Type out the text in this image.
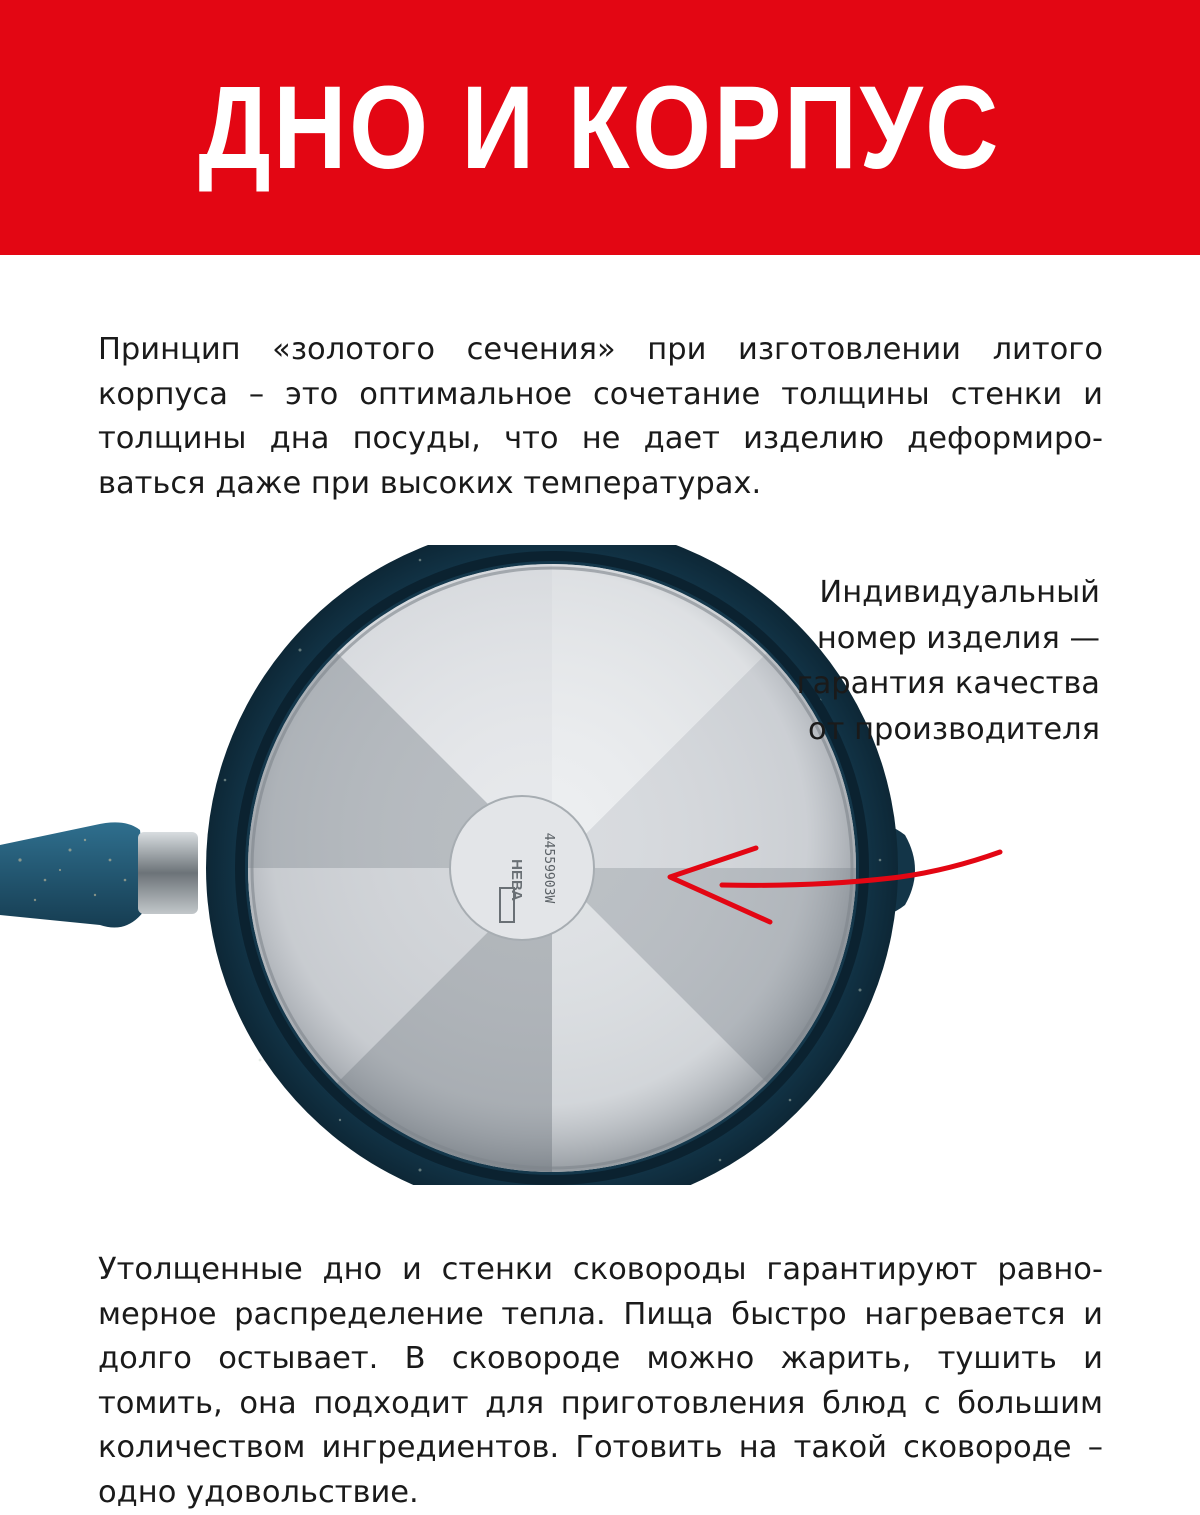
ДНО И КОРПУС

Принцип «золотого сечения» при изготовлении литого корпуса – это оптимальное сочетание толщины стенки и толщины дна посуды, что не дает изделию деформироваться даже при высоких температурах.

НЕВА 44559903W

Индивидуальный номер изделия — гарантия качества от производителя

Утолщенные дно и стенки сковороды гарантируют равномерное распределение тепла. Пища быстро нагревается и долго остывает. В сковороде можно жарить, тушить и томить, она подходит для приготовления блюд с большим количеством ингредиентов. Готовить на такой сковороде – одно удовольствие.
